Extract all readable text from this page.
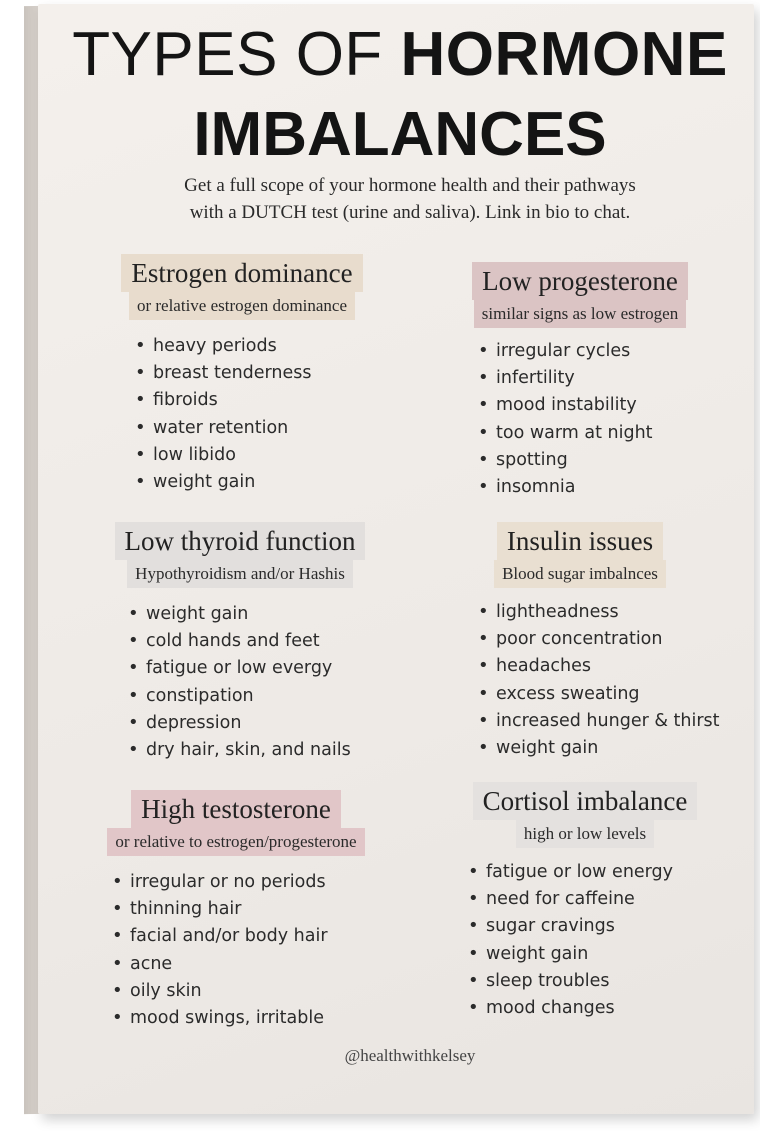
TYPES OF HORMONE
IMBALANCES
Get a full scope of your hormone health and their pathways
with a DUTCH test (urine and saliva). Link in bio to chat.
Estrogen dominance
or relative estrogen dominance
• heavy periods
• breast tenderness
• fibroids
• water retention
• low libido
• weight gain
Low progesterone
similar signs as low estrogen
• irregular cycles
• infertility
• mood instability
• too warm at night
• spotting
• insomnia
Low thyroid function
Hypothyroidism and/or Hashis
• weight gain
• cold hands and feet
• fatigue or low evergy
• constipation
• depression
• dry hair, skin, and nails
Insulin issues
Blood sugar imbalnces
• lightheadness
• poor concentration
• headaches
• excess sweating
• increased hunger & thirst
• weight gain
High testosterone
or relative to estrogen/progesterone
• irregular or no periods
• thinning hair
• facial and/or body hair
• acne
• oily skin
• mood swings, irritable
Cortisol imbalance
high or low levels
• fatigue or low energy
• need for caffeine
• sugar cravings
• weight gain
• sleep troubles
• mood changes
@healthwithkelsey
